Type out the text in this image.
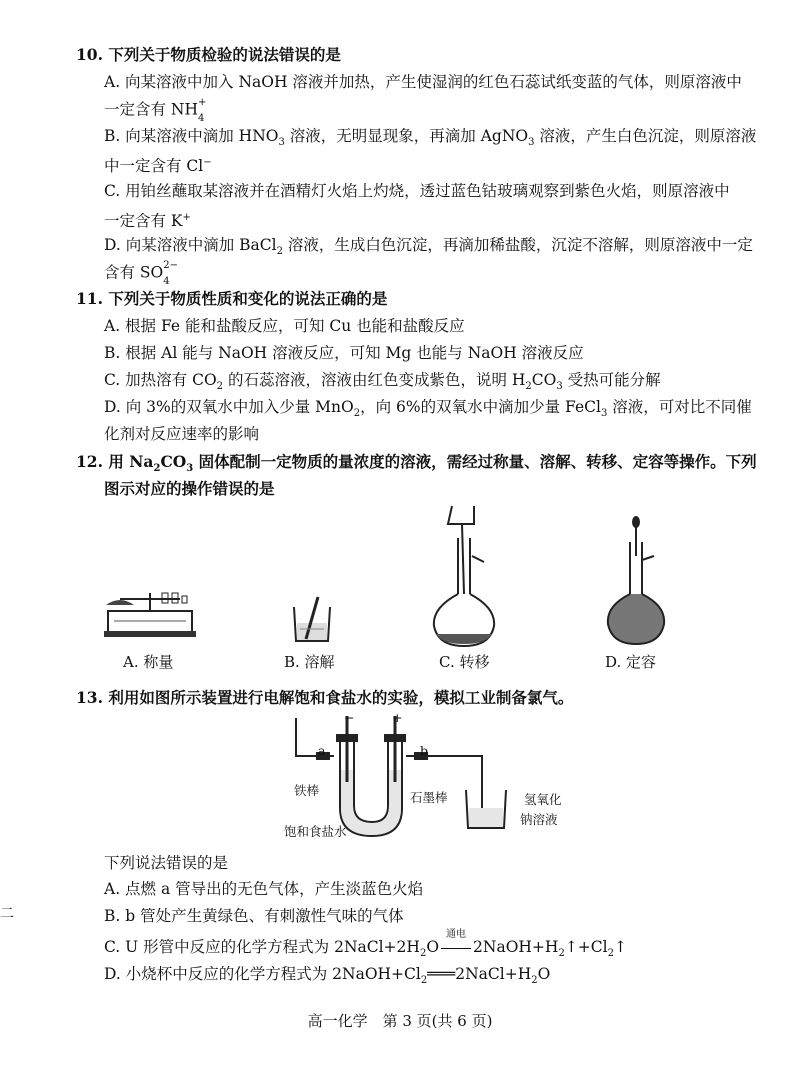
10. 下列关于物质检验的说法错误的是
A. 向某溶液中加入 NaOH 溶液并加热，产生使湿润的红色石蕊试纸变蓝的气体，则原溶液中
一定含有 NH+
$_4$
B. 向某溶液中滴加 $HNO_3$ 溶液，无明显现象，再滴加 AgNO$_3$ 溶液，产生白色沉淀，则原溶液
中一定含有 Cl−
C. 用铂丝蘸取某溶液并在酒精灯火焰上灼烧，透过蓝色钴玻璃观察到紫色火焰，则原溶液中
一定含有 K+
D. 向某溶液中滴加 BaCl$_2$ 溶液，生成白色沉淀，再滴加稀盐酸，沉淀不溶解，则原溶液中一定
含有 $SO^{2-}$
$_4$
11. 下列关于物质性质和变化的说法正确的是
A. 根据 Fe 能和盐酸反应，可知 Cu 也能和盐酸反应
B. 根据 Al 能与 NaOH 溶液反应，可知 Mg 也能与 NaOH 溶液反应
C. 加热溶有 $CO_2$ 的石蕊溶液，溶液由红色变成紫色，说明 $H_2CO_3$ 受热可能分解
D. 向 3%的双氧水中加入少量 MnO$_2$，向 6%的双氧水中滴加少量 FeCl$_3$ 溶液，可对比不同催
化剂对反应速率的影响
12. 用 $Na_2CO_3$ 固体配制一定物质的量浓度的溶液，需经过称量、溶解、转移、定容等操作。下列
图示对应的操作错误的是
A. 称量	B. 溶解	C. 转移	D. 定容
13. 利用如图所示装置进行电解饱和食盐水的实验，模拟工业制备氯气。
−	+
a	b
铁棒	石墨棒
饱和食盐水
氢氧化
钠溶液
下列说法错误的是
A. 点燃 a 管导出的无色气体，产生淡蓝色火焰
B. b 管处产生黄绿色、有刺激性气味的气体
C. U 形管中反应的化学方程式为 $2NaCl+2H_2O$
通电
$2NaOH+H_2↑+Cl_2↑$
D. 小烧杯中反应的化学方程式为 $2NaOH+Cl_2═══2NaCl+H_2O$
二
高一化学　第 3 页(共 6 页)
